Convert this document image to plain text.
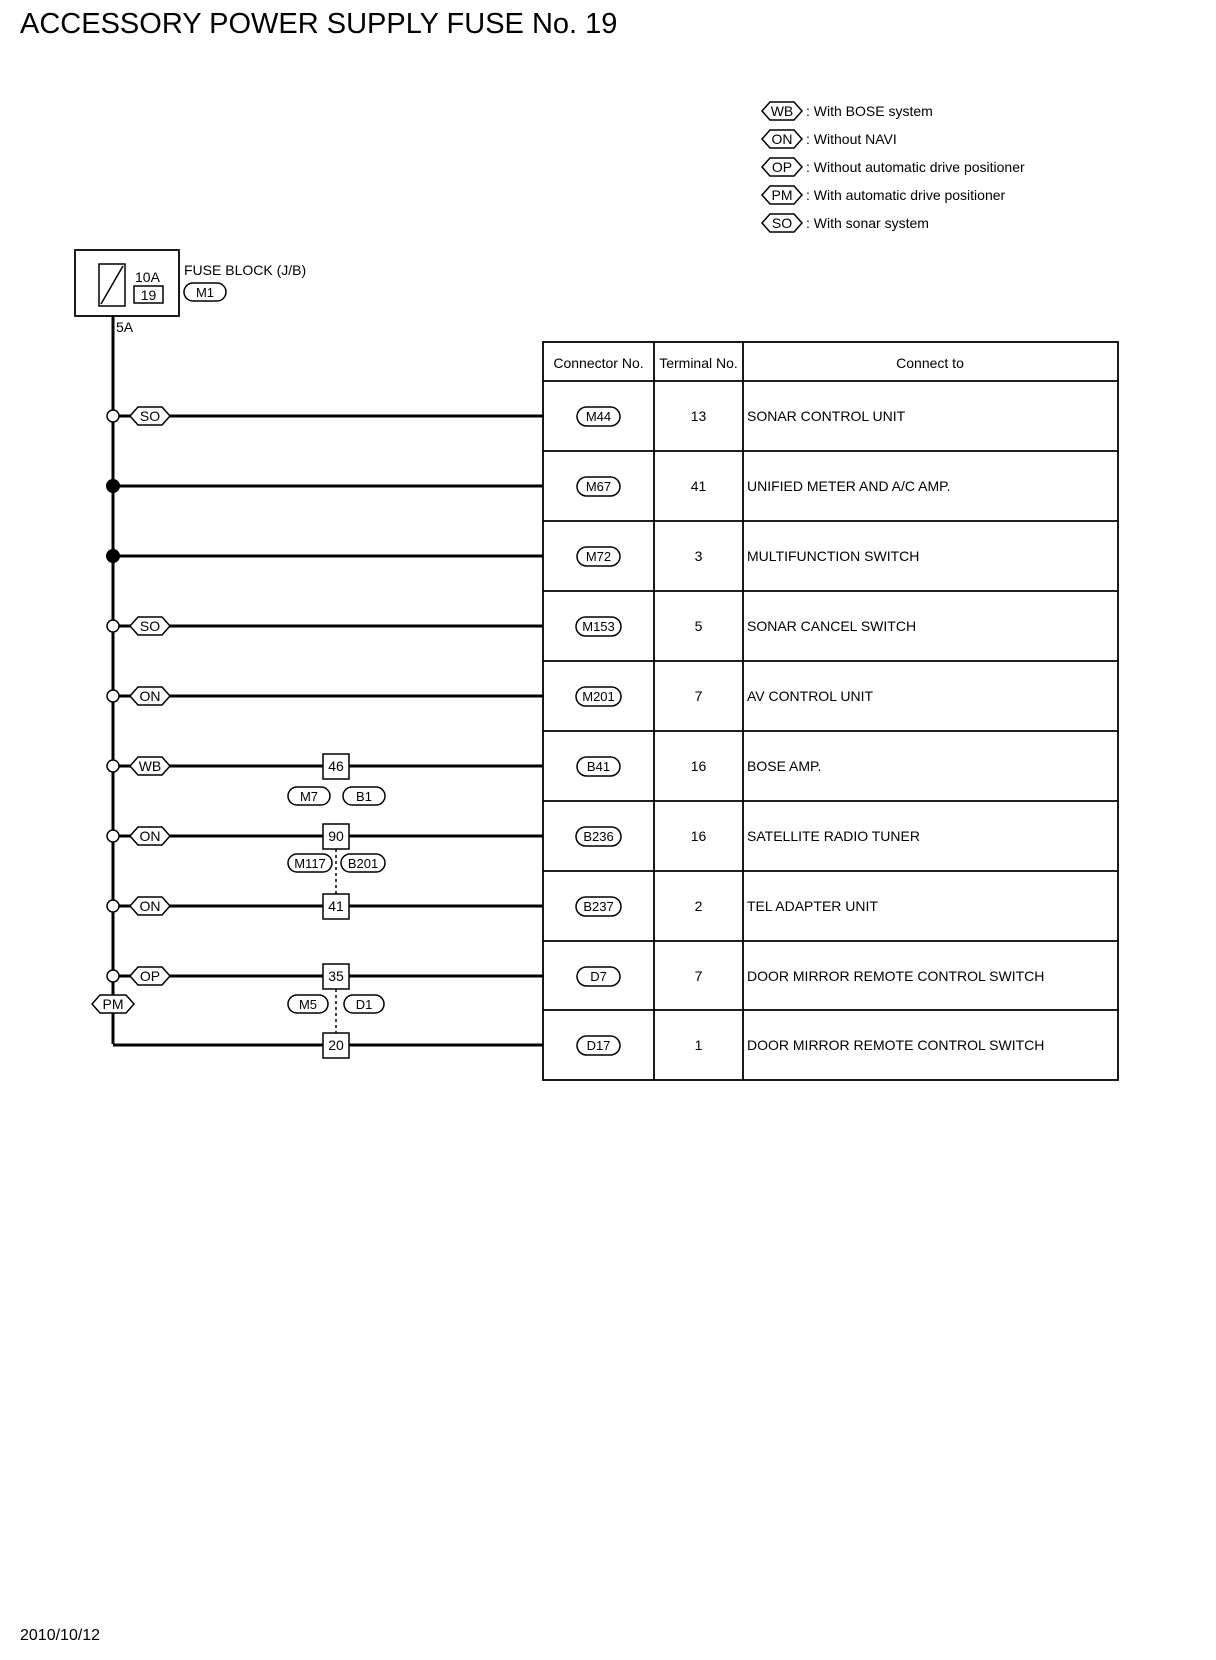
ACCESSORY POWER SUPPLY FUSE No. 19
WB : With BOSE system
ON : Without NAVI
OP : Without automatic drive positioner
PM : With automatic drive positioner
SO : With sonar system
10A
19
FUSE BLOCK (J/B)
M1
5A
Connector No. Terminal No.	Connect to
SO
SO
ON
WB
ON
ON
OP
PM
46
M7	B1
90
M117 B201
41
35
M5	D1
20
M44	13	SONAR CONTROL UNIT
M67	41	UNIFIED METER AND A/C AMP.
M72	3	MULTIFUNCTION SWITCH
M153	5	SONAR CANCEL SWITCH
M201	7	AV CONTROL UNIT
B41	16	BOSE AMP.
B236	16	SATELLITE RADIO TUNER
B237	2	TEL ADAPTER UNIT
D7	7	DOOR MIRROR REMOTE CONTROL SWITCH
D17	1	DOOR MIRROR REMOTE CONTROL SWITCH
2010/10/12
